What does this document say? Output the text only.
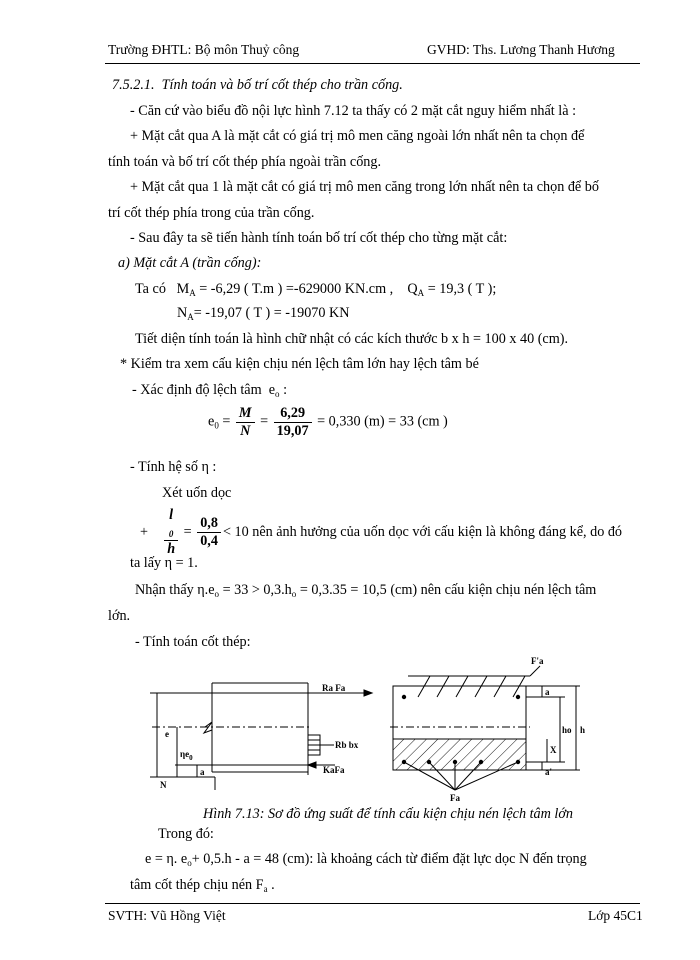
Trường ĐHTL: Bộ môn Thuỷ công	GVHD: Ths. Lương Thanh Hương
7.5.2.1. Tính toán và bố trí cốt thép cho trần cống.
- Căn cứ vào biểu đồ nội lực hình 7.12 ta thấy có 2 mặt cắt nguy hiểm nhất là :
+ Mặt cắt qua A là mặt cắt có giá trị mô men căng ngoài lớn nhất nên ta chọn để
tính toán và bố trí cốt thép phía ngoài trần cống.
+ Mặt cắt qua 1 là mặt cắt có giá trị mô men căng trong lớn nhất nên ta chọn để bố
trí cốt thép phía trong của trần cống.
- Sau đây ta sẽ tiến hành tính toán bố trí cốt thép cho từng mặt cắt:
a) Mặt cắt A (trần cống):
Ta có $M_A = -6,29$ ( T.m ) =-629000 KN.cm , $Q_A = 19,3$ ( T );
$N_A= -19,07$ ( T ) = -19070 KN
Tiết diện tính toán là hình chữ nhật có các kích thước b x h = 100 x 40 (cm).
* Kiểm tra xem cấu kiện chịu nén lệch tâm lớn hay lệch tâm bé
- Xác định độ lệch tâm $e_o$ :
$e_0 = \frac{M}{N} = \frac{6,29}{19,07} = 0,330$ (m) = 33 (cm )
- Tính hệ số η :
Xét uốn dọc
+ l
$_0$
$h = \frac{0,8}{0,4} < 10$ nên ảnh hưởng của uốn dọc với cấu kiện là không đáng kể, do đó
ta lấy η = 1.
Nhận thấy $\eta.e_o = 33 > 0,3.h_o = 0,3.35 = 10,5$ (cm) nên cấu kiện chịu nén lệch tâm
lớn.
- Tính toán cốt thép:
Ra Fa
Rb bx
KaFa
e
$\eta e_0$
a
N
F'a
a
ho h
X
a'
Fa
Hình 7.13: Sơ đồ ứng suất để tính cấu kiện chịu nén lệch tâm lớn
Trong đó:
e = η. $e_o+ 0,5.h - a = 48$ (cm): là khoảng cách từ điểm đặt lực dọc N đến trọng
tâm cốt thép chịu nén $F_a$ .
SVTH: Vũ Hồng Việt	Lớp 45C1
